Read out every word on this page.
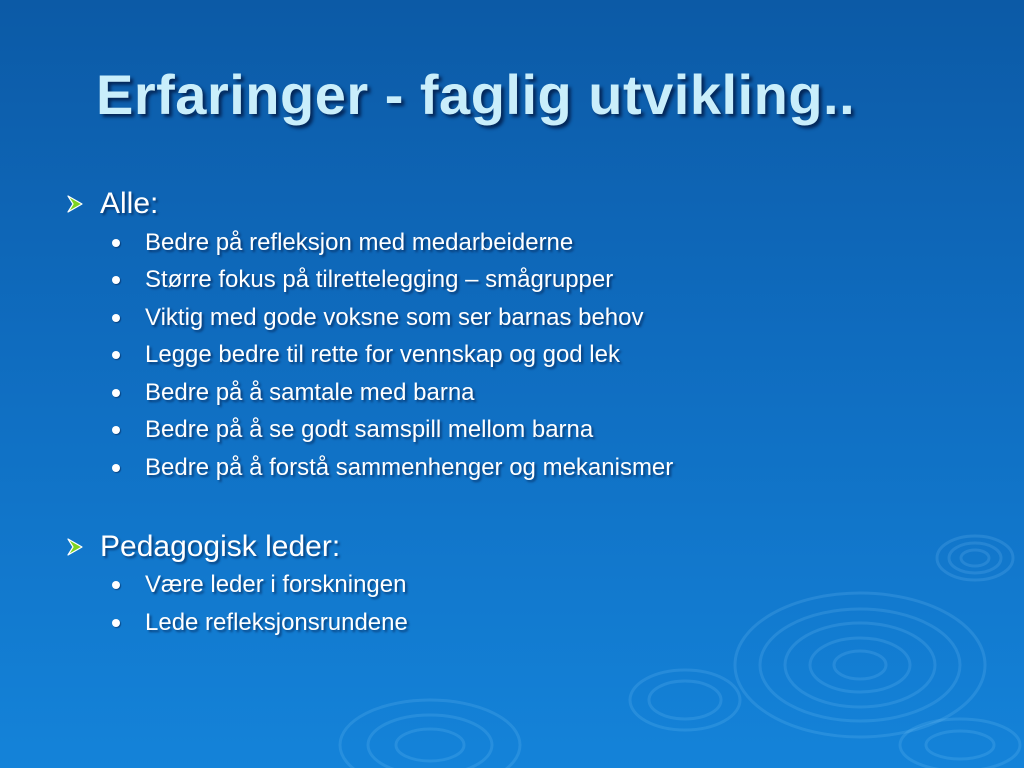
Erfaringer - faglig utvikling..
Alle:
Bedre på refleksjon med medarbeiderne
Større fokus på tilrettelegging – smågrupper
Viktig med gode voksne som ser barnas behov
Legge bedre til rette for vennskap og god lek
Bedre på å samtale med barna
Bedre på å se godt samspill mellom barna
Bedre på å forstå sammenhenger og mekanismer
Pedagogisk leder:
Være leder i forskningen
Lede refleksjonsrundene
